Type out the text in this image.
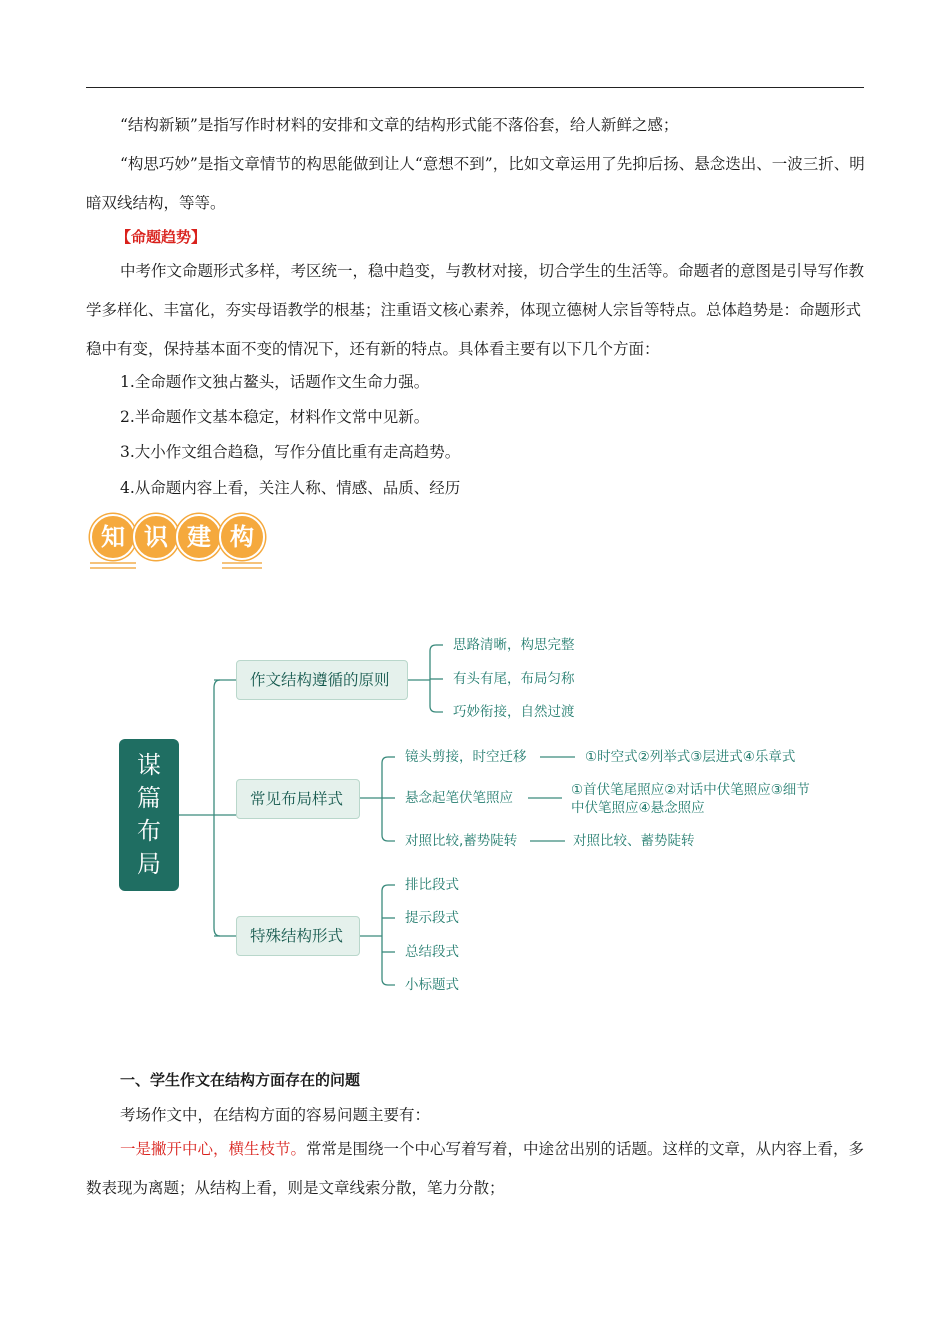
“结构新颖”是指写作时材料的安排和文章的结构形式能不落俗套，给人新鲜之感；

“构思巧妙”是指文章情节的构思能做到让人“意想不到”，比如文章运用了先抑后扬、悬念迭出、一波三折、明暗双线结构，等等。

【命题趋势】

中考作文命题形式多样，考区统一，稳中趋变，与教材对接，切合学生的生活等。命题者的意图是引导写作教学多样化、丰富化，夯实母语教学的根基；注重语文核心素养，体现立德树人宗旨等特点。总体趋势是：命题形式稳中有变，保持基本面不变的情况下，还有新的特点。具体看主要有以下几个方面：

1.全命题作文独占鳌头，话题作文生命力强。
2.半命题作文基本稳定，材料作文常中见新。
3.大小作文组合趋稳，写作分值比重有走高趋势。
4.从命题内容上看，关注人称、情感、品质、经历
知 识 建 构
谋
篇
布
局
作文结构遵循的原则
思路清晰，构思完整
有头有尾，布局匀称
巧妙衔接，自然过渡
常见布局样式
镜头剪接，时空迁移	①时空式②列举式③层进式④乐章式
悬念起笔伏笔照应	①首伏笔尾照应②对话中伏笔照应③细节
中伏笔照应④悬念照应
对照比较,蓄势陡转	对照比较、蓄势陡转
特殊结构形式
排比段式
提示段式
总结段式
小标题式
一、学生作文在结构方面存在的问题
考场作文中，在结构方面的容易问题主要有：

一是撇开中心，横生枝节。常常是围绕一个中心写着写着，中途岔出别的话题。这样的文章，从内容上看，多数表现为离题；从结构上看，则是文章线索分散，笔力分散；
